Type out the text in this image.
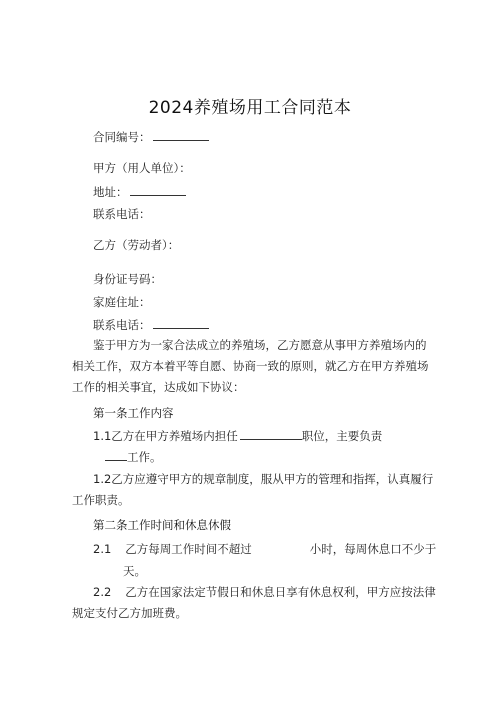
2024养殖场用工合同范本
合同编号：
甲方（用人单位）：
地址：
联系电话：
乙方（劳动者）：
身份证号码：
家庭住址：
联系电话：
鉴于甲方为一家合法成立的养殖场，乙方愿意从事甲方养殖场内的相关工作，双方本着平等自愿、协商一致的原则，就乙方在甲方养殖场工作的相关事宜，达成如下协议：
第一条工作内容
1.1乙方在甲方养殖场内担任	职位，主要负责
工作。
1.2乙方应遵守甲方的规章制度，服从甲方的管理和指挥，认真履行工作职责。
第二条工作时间和休息休假
2.1 乙方每周工作时间不超过	小时，每周休息口不少于
天。
2.2 乙方在国家法定节假日和休息日享有休息权利，甲方应按法律规定支付乙方加班费。
